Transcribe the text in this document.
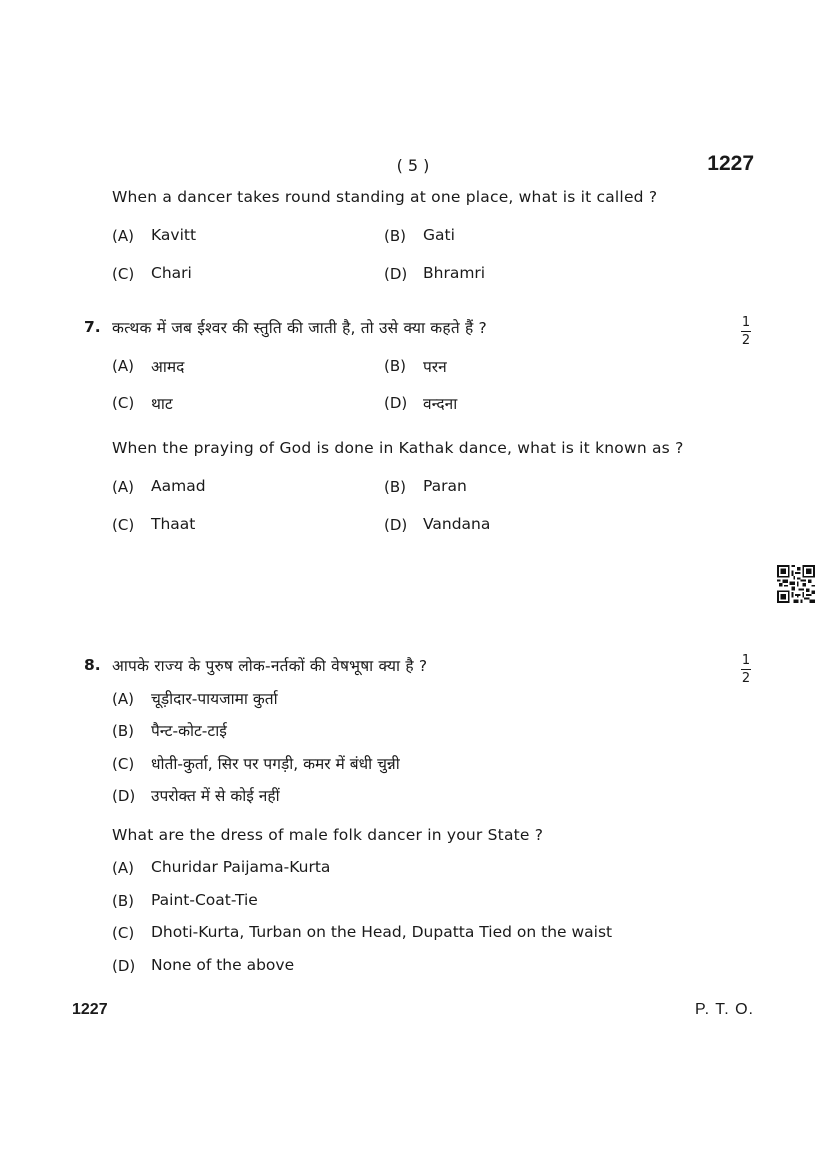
( 5 )	1227
When a dancer takes round standing at one place, what is it called ?
(A) Kavitt	(B) Gati
(C) Chari	(D) Bhramri
7. कत्थक में जब ईश्वर की स्तुति की जाती है, तो उसे क्या कहते हैं ?	1
2
(A) आमद	(B) परन
(C) थाट	(D) वन्दना
When the praying of God is done in Kathak dance, what is it known as ?
(A) Aamad	(B) Paran
(C) Thaat	(D) Vandana
8. आपके राज्य के पुरुष लोक-नर्तकों की वेषभूषा क्या है ?	1
2
(A) चूड़ीदार-पायजामा कुर्ता
(B) पैन्ट-कोट-टाई
(C) धोती-कुर्ता, सिर पर पगड़ी, कमर में बंधी चुन्नी
(D) उपरोक्त में से कोई नहीं
What are the dress of male folk dancer in your State ?
(A) Churidar Paijama-Kurta
(B) Paint-Coat-Tie
(C) Dhoti-Kurta, Turban on the Head, Dupatta Tied on the waist
(D) None of the above
1227	P. T. O.
